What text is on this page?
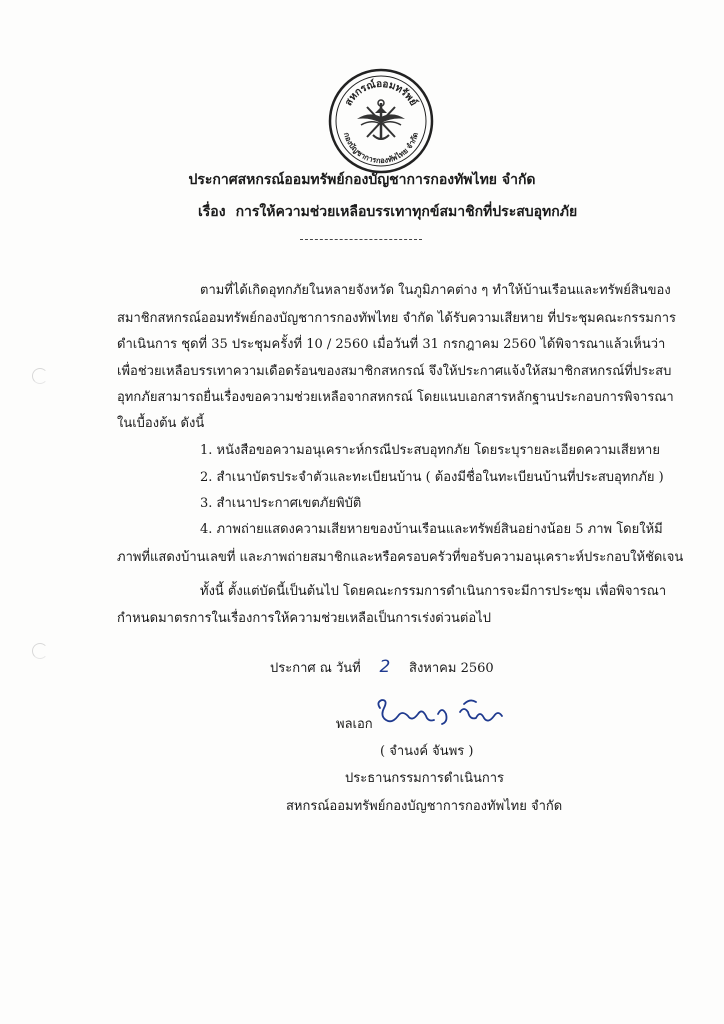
สหกรณ์ออมทรัพย์
กองบัญชาการกองทัพไทย จำกัด
ประกาศสหกรณ์ออมทรัพย์กองบัญชาการกองทัพไทย จำกัด
เรื่อง การให้ความช่วยเหลือบรรเทาทุกข์สมาชิกที่ประสบอุทกภัย
ตามที่ได้เกิดอุทกภัยในหลายจังหวัด ในภูมิภาคต่าง ๆ ทำให้บ้านเรือนและทรัพย์สินของ
สมาชิกสหกรณ์ออมทรัพย์กองบัญชาการกองทัพไทย จำกัด ได้รับความเสียหาย ที่ประชุมคณะกรรมการ
ดำเนินการ ชุดที่ 35 ประชุมครั้งที่ 10 / 2560 เมื่อวันที่ 31 กรกฎาคม 2560 ได้พิจารณาแล้วเห็นว่า
เพื่อช่วยเหลือบรรเทาความเดือดร้อนของสมาชิกสหกรณ์ จึงให้ประกาศแจ้งให้สมาชิกสหกรณ์ที่ประสบ
อุทกภัยสามารถยื่นเรื่องขอความช่วยเหลือจากสหกรณ์ โดยแนบเอกสารหลักฐานประกอบการพิจารณา
ในเบื้องต้น ดังนี้
1. หนังสือขอความอนุเคราะห์กรณีประสบอุทกภัย โดยระบุรายละเอียดความเสียหาย
2. สำเนาบัตรประจำตัวและทะเบียนบ้าน ( ต้องมีชื่อในทะเบียนบ้านที่ประสบอุทกภัย )
3. สำเนาประกาศเขตภัยพิบัติ
4. ภาพถ่ายแสดงความเสียหายของบ้านเรือนและทรัพย์สินอย่างน้อย 5 ภาพ โดยให้มี
ภาพที่แสดงบ้านเลขที่ และภาพถ่ายสมาชิกและหรือครอบครัวที่ขอรับความอนุเคราะห์ประกอบให้ชัดเจน
ทั้งนี้ ตั้งแต่บัดนี้เป็นต้นไป โดยคณะกรรมการดำเนินการจะมีการประชุม เพื่อพิจารณา
กำหนดมาตรการในเรื่องการให้ความช่วยเหลือเป็นการเร่งด่วนต่อไป
ประกาศ ณ วันที่ 2 สิงหาคม 2560
พลเอก
( จำนงค์ จันพร )
ประธานกรรมการดำเนินการ
สหกรณ์ออมทรัพย์กองบัญชาการกองทัพไทย จำกัด
